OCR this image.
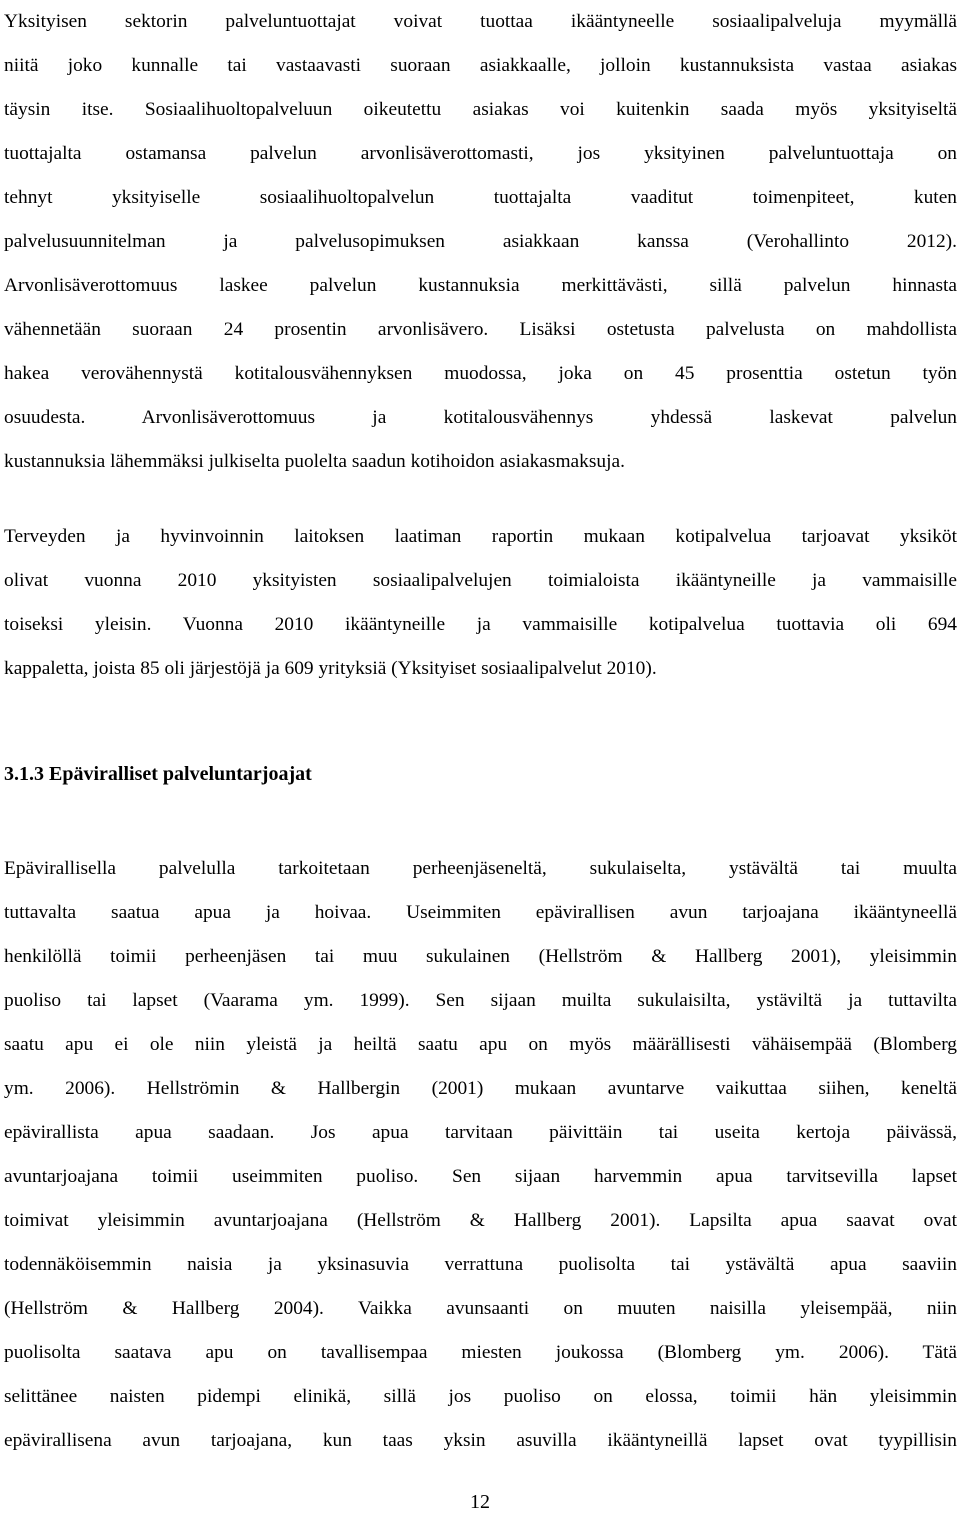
Yksityisen sektorin palveluntuottajat voivat tuottaa ikääntyneelle sosiaalipalveluja myymällä
niitä joko kunnalle tai vastaavasti suoraan asiakkaalle, jolloin kustannuksista vastaa asiakas
täysin itse. Sosiaalihuoltopalveluun oikeutettu asiakas voi kuitenkin saada myös yksityiseltä
tuottajalta ostamansa palvelun arvonlisäverottomasti, jos yksityinen palveluntuottaja on
tehnyt yksityiselle sosiaalihuoltopalvelun tuottajalta vaaditut toimenpiteet, kuten
palvelusuunnitelman ja palvelusopimuksen asiakkaan kanssa (Verohallinto 2012).
Arvonlisäverottomuus laskee palvelun kustannuksia merkittävästi, sillä palvelun hinnasta
vähennetään suoraan 24 prosentin arvonlisävero. Lisäksi ostetusta palvelusta on mahdollista
hakea verovähennystä kotitalousvähennyksen muodossa, joka on 45 prosenttia ostetun työn
osuudesta. Arvonlisäverottomuus ja kotitalousvähennys yhdessä laskevat palvelun
kustannuksia lähemmäksi julkiselta puolelta saadun kotihoidon asiakasmaksuja.
Terveyden ja hyvinvoinnin laitoksen laatiman raportin mukaan kotipalvelua tarjoavat yksiköt
olivat vuonna 2010 yksityisten sosiaalipalvelujen toimialoista ikääntyneille ja vammaisille
toiseksi yleisin. Vuonna 2010 ikääntyneille ja vammaisille kotipalvelua tuottavia oli 694
kappaletta, joista 85 oli järjestöjä ja 609 yrityksiä (Yksityiset sosiaalipalvelut 2010).
3.1.3 Epäviralliset palveluntarjoajat
Epävirallisella palvelulla tarkoitetaan perheenjäseneltä, sukulaiselta, ystävältä tai muulta
tuttavalta saatua apua ja hoivaa. Useimmiten epävirallisen avun tarjoajana ikääntyneellä
henkilöllä toimii perheenjäsen tai muu sukulainen (Hellström & Hallberg 2001), yleisimmin
puoliso tai lapset (Vaarama ym. 1999). Sen sijaan muilta sukulaisilta, ystäviltä ja tuttavilta
saatu apu ei ole niin yleistä ja heiltä saatu apu on myös määrällisesti vähäisempää (Blomberg
ym. 2006). Hellströmin & Hallbergin (2001) mukaan avuntarve vaikuttaa siihen, keneltä
epävirallista apua saadaan. Jos apua tarvitaan päivittäin tai useita kertoja päivässä,
avuntarjoajana toimii useimmiten puoliso. Sen sijaan harvemmin apua tarvitsevilla lapset
toimivat yleisimmin avuntarjoajana (Hellström & Hallberg 2001). Lapsilta apua saavat ovat
todennäköisemmin naisia ja yksinasuvia verrattuna puolisolta tai ystävältä apua saaviin
(Hellström & Hallberg 2004). Vaikka avunsaanti on muuten naisilla yleisempää, niin
puolisolta saatava apu on tavallisempaa miesten joukossa (Blomberg ym. 2006). Tätä
selittänee naisten pidempi elinikä, sillä jos puoliso on elossa, toimii hän yleisimmin
epävirallisena avun tarjoajana, kun taas yksin asuvilla ikääntyneillä lapset ovat tyypillisin
12
